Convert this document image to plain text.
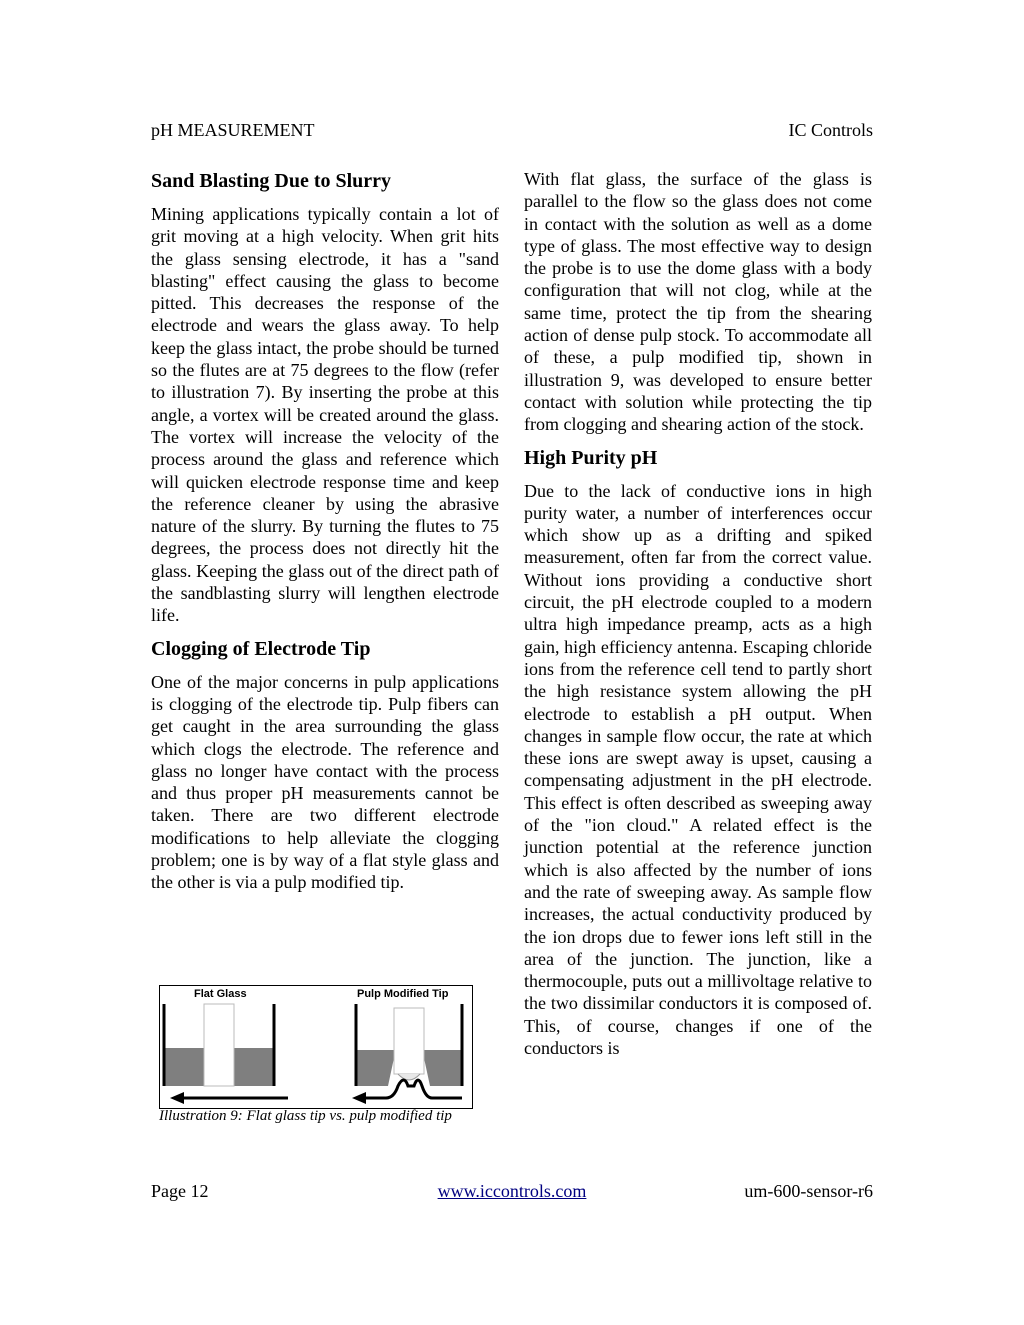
pH MEASUREMENT	IC Controls
Sand Blasting Due to Slurry

Mining applications typically contain a lot of grit moving at a high velocity. When grit hits the glass sensing electrode, it has a "sand blasting" effect causing the glass to become pitted. This decreases the response of the electrode and wears the glass away. To help keep the glass intact, the probe should be turned so the flutes are at 75 degrees to the flow (refer to illustration 7). By inserting the probe at this angle, a vortex will be created around the glass. The vortex will increase the velocity of the process around the glass and reference which will quicken electrode response time and keep the reference cleaner by using the abrasive nature of the slurry. By turning the flutes to 75 degrees, the process does not directly hit the glass. Keeping the glass out of the direct path of the sandblasting slurry will lengthen electrode life.

Clogging of Electrode Tip

One of the major concerns in pulp applications is clogging of the electrode tip. Pulp fibers can get caught in the area surrounding the glass which clogs the electrode. The reference and glass no longer have contact with the process and thus proper pH measurements cannot be taken. There are two different electrode modifications to help alleviate the clogging problem; one is by way of a flat style glass and the other is via a pulp modified tip.

Flat Glass	Pulp Modified Tip
Illustration 9: Flat glass tip vs. pulp modified tip

With flat glass, the surface of the glass is parallel to the flow so the glass does not come in contact with the solution as well as a dome type of glass. The most effective way to design the probe is to use the dome glass with a body configuration that will not clog, while at the same time, protect the tip from the shearing action of dense pulp stock. To accommodate all of these, a pulp modified tip, shown in illustration 9, was developed to ensure better contact with solution while protecting the tip from clogging and shearing action of the stock.

High Purity pH

Due to the lack of conductive ions in high purity water, a number of interferences occur which show up as a drifting and spiked measurement, often far from the correct value. Without ions providing a conductive short circuit, the pH electrode coupled to a modern ultra high impedance preamp, acts as a high gain, high efficiency antenna. Escaping chloride ions from the reference cell tend to partly short the high resistance system allowing the pH electrode to establish a pH output. When changes in sample flow occur, the rate at which these ions are swept away is upset, causing a compensating adjustment in the pH electrode. This effect is often described as sweeping away of the "ion cloud." A related effect is the junction potential at the reference junction which is also affected by the number of ions and the rate of sweeping away. As sample flow increases, the actual conductivity produced by the ion drops due to fewer ions left still in the area of the junction. The junction, like a thermocouple, puts out a millivoltage relative to the two dissimilar conductors it is composed of. This, of course, changes if one of the conductors is

Page 12	www.iccontrols.com	um-600-sensor-r6
